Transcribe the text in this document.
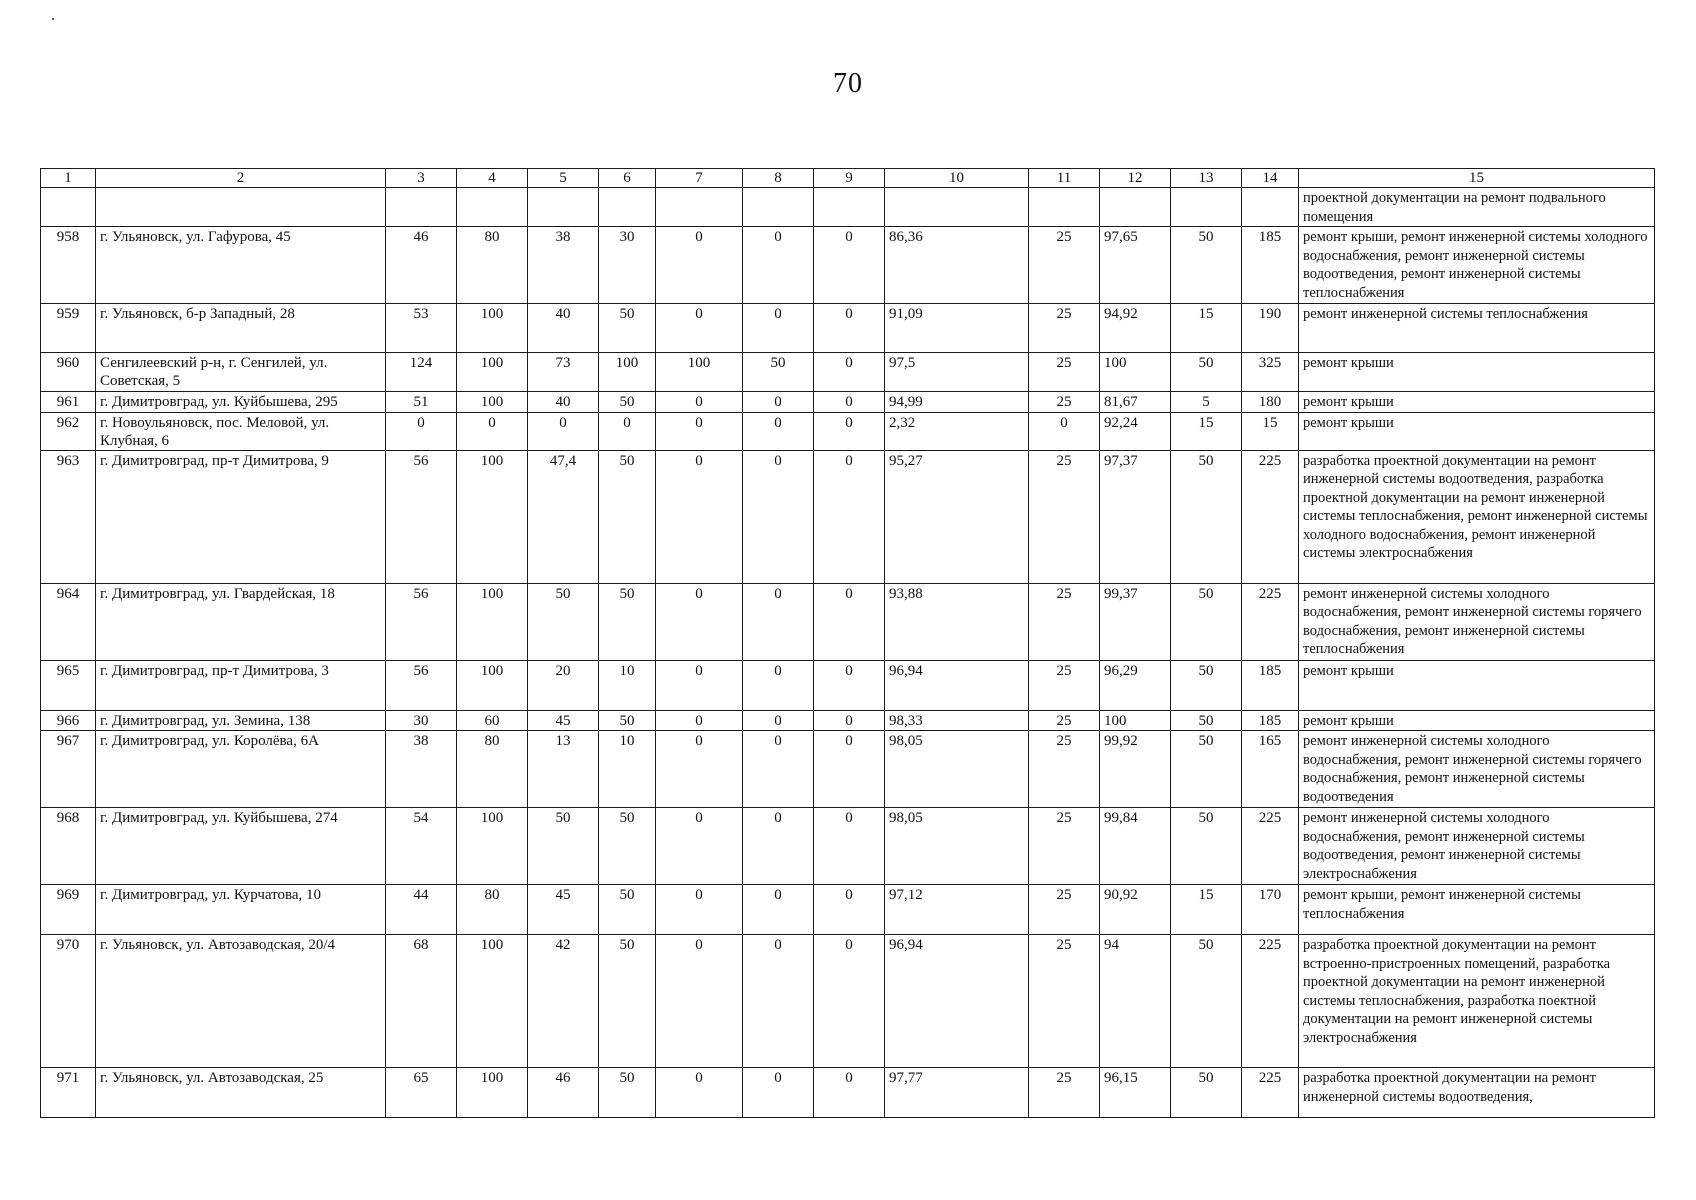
70
1	2	3	4	5	6	7	8	9	10	11	12	13	14	15
														проектной документации на ремонт подвального помещения
958	г. Ульяновск, ул. Гафурова, 45	46	80	38	30	0	0	0	86,36	25	97,65	50	185	ремонт крыши, ремонт инженерной системы холодного водоснабжения, ремонт инженерной системы водоотведения, ремонт инженерной системы теплоснабжения
959	г. Ульяновск, б-р Западный, 28	53	100	40	50	0	0	0	91,09	25	94,92	15	190	ремонт инженерной системы теплоснабжения
960	Сенгилеевский р-н, г. Сенгилей, ул. Советская, 5	124	100	73	100	100	50	0	97,5	25	100	50	325	ремонт крыши
961	г. Димитровград, ул. Куйбышева, 295	51	100	40	50	0	0	0	94,99	25	81,67	5	180	ремонт крыши
962	г. Новоульяновск, пос. Меловой, ул. Клубная, 6	0	0	0	0	0	0	0	2,32	0	92,24	15	15	ремонт крыши
963	г. Димитровград, пр-т Димитрова, 9	56	100	47,4	50	0	0	0	95,27	25	97,37	50	225	разработка проектной документации на ремонт инженерной системы водоотведения, разработка проектной документации на ремонт инженерной системы теплоснабжения, ремонт инженерной системы холодного водоснабжения, ремонт инженерной системы электроснабжения
964	г. Димитровград, ул. Гвардейская, 18	56	100	50	50	0	0	0	93,88	25	99,37	50	225	ремонт инженерной системы холодного водоснабжения, ремонт инженерной системы горячего водоснабжения, ремонт инженерной системы теплоснабжения
965	г. Димитровград, пр-т Димитрова, 3	56	100	20	10	0	0	0	96,94	25	96,29	50	185	ремонт крыши
966	г. Димитровград, ул. Земина, 138	30	60	45	50	0	0	0	98,33	25	100	50	185	ремонт крыши
967	г. Димитровград, ул. Королёва, 6А	38	80	13	10	0	0	0	98,05	25	99,92	50	165	ремонт инженерной системы холодного водоснабжения, ремонт инженерной системы горячего водоснабжения, ремонт инженерной системы водоотведения
968	г. Димитровград, ул. Куйбышева, 274	54	100	50	50	0	0	0	98,05	25	99,84	50	225	ремонт инженерной системы холодного водоснабжения, ремонт инженерной системы водоотведения, ремонт инженерной системы электроснабжения
969	г. Димитровград, ул. Курчатова, 10	44	80	45	50	0	0	0	97,12	25	90,92	15	170	ремонт крыши, ремонт инженерной системы теплоснабжения
970	г. Ульяновск, ул. Автозаводская, 20/4	68	100	42	50	0	0	0	96,94	25	94	50	225	разработка проектной документации на ремонт встроенно-пристроенных помещений, разработка проектной документации на ремонт инженерной системы теплоснабжения, разработка поектной документации на ремонт инженерной системы электроснабжения
971	г. Ульяновск, ул. Автозаводская, 25	65	100	46	50	0	0	0	97,77	25	96,15	50	225	разработка проектной документации на ремонт инженерной системы водоотведения,
